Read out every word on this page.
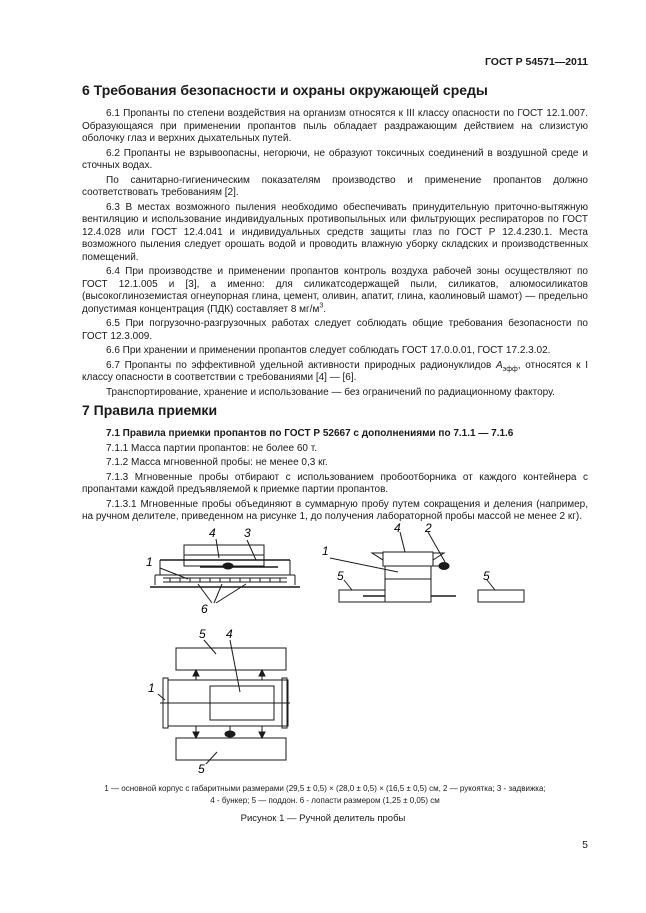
ГОСТ Р 54571—2011
6 Требования безопасности и охраны окружающей среды

6.1 Пропанты по степени воздействия на организм относятся к III классу опасности по ГОСТ 12.1.007. Образующаяся при применении пропантов пыль обладает раздражающим действием на слизистую оболочку глаз и верхних дыхательных путей.

6.2 Пропанты не взрывоопасны, негорючи, не образуют токсичных соединений в воздушной среде и сточных водах.

По санитарно-гигиеническим показателям производство и применение пропантов должно соответствовать требованиям [2].

6.3 В местах возможного пыления необходимо обеспечивать принудительную приточно-вытяжную вентиляцию и использование индивидуальных противопыльных или фильтрующих респираторов по ГОСТ 12.4.028 или ГОСТ 12.4.041 и индивидуальных средств защиты глаз по ГОСТ Р 12.4.230.1. Места возможного пыления следует орошать водой и проводить влажную уборку складских и производственных помещений.

6.4 При производстве и применении пропантов контроль воздуха рабочей зоны осуществляют по ГОСТ 12.1.005 и [3], а именно: для силикатсодержащей пыли, силикатов, алюмосиликатов (высокоглиноземистая огнеупорная глина, цемент, оливин, апатит, глина, каолиновый шамот) — предельно допустимая концентрация (ПДК) составляет 8 $мг/м^3$.

6.5 При погрузочно-разгрузочных работах следует соблюдать общие требования безопасности по ГОСТ 12.3.009.

6.6 При хранении и применении пропантов следует соблюдать ГОСТ 17.0.0.01, ГОСТ 17.2.3.02.

6.7 Пропанты по эффективной удельной активности природных радионуклидов $A_{эфф}$, относятся к I классу опасности в соответствии с требованиями [4] — [6].

Транспортирование, хранение и использование — без ограничений по радиационному фактору.

7 Правила приемки

7.1 Правила приемки пропантов по ГОСТ Р 52667 с дополнениями по 7.1.1 — 7.1.6

7.1.1 Масса партии пропантов: не более 60 т.

7.1.2 Масса мгновенной пробы: не менее 0,3 кг.

7.1.3 Мгновенные пробы отбирают с использованием пробоотборника от каждого контейнера с пропантами каждой предъявляемой к приемке партии пропантов.

7.1.3.1 Мгновенные пробы объединяют в суммарную пробу путем сокращения и деления (например, на ручном делителе, приведенном на рисунке 1, до получения лабораторной пробы массой не менее 2 кг).

1
4 3
6
1
4 2
5	5
5 4
1
5
1 — основной корпус с габаритными размерами (29,5 ± 0,5) × (28,0 ± 0,5) × (16,5 ± 0,5) см, 2 — рукоятка; 3 - задвижка;
4 - бункер; 5 — поддон. 6 - лопасти размером (1,25 ± 0,05) см
Рисунок 1 — Ручной делитель пробы
5
